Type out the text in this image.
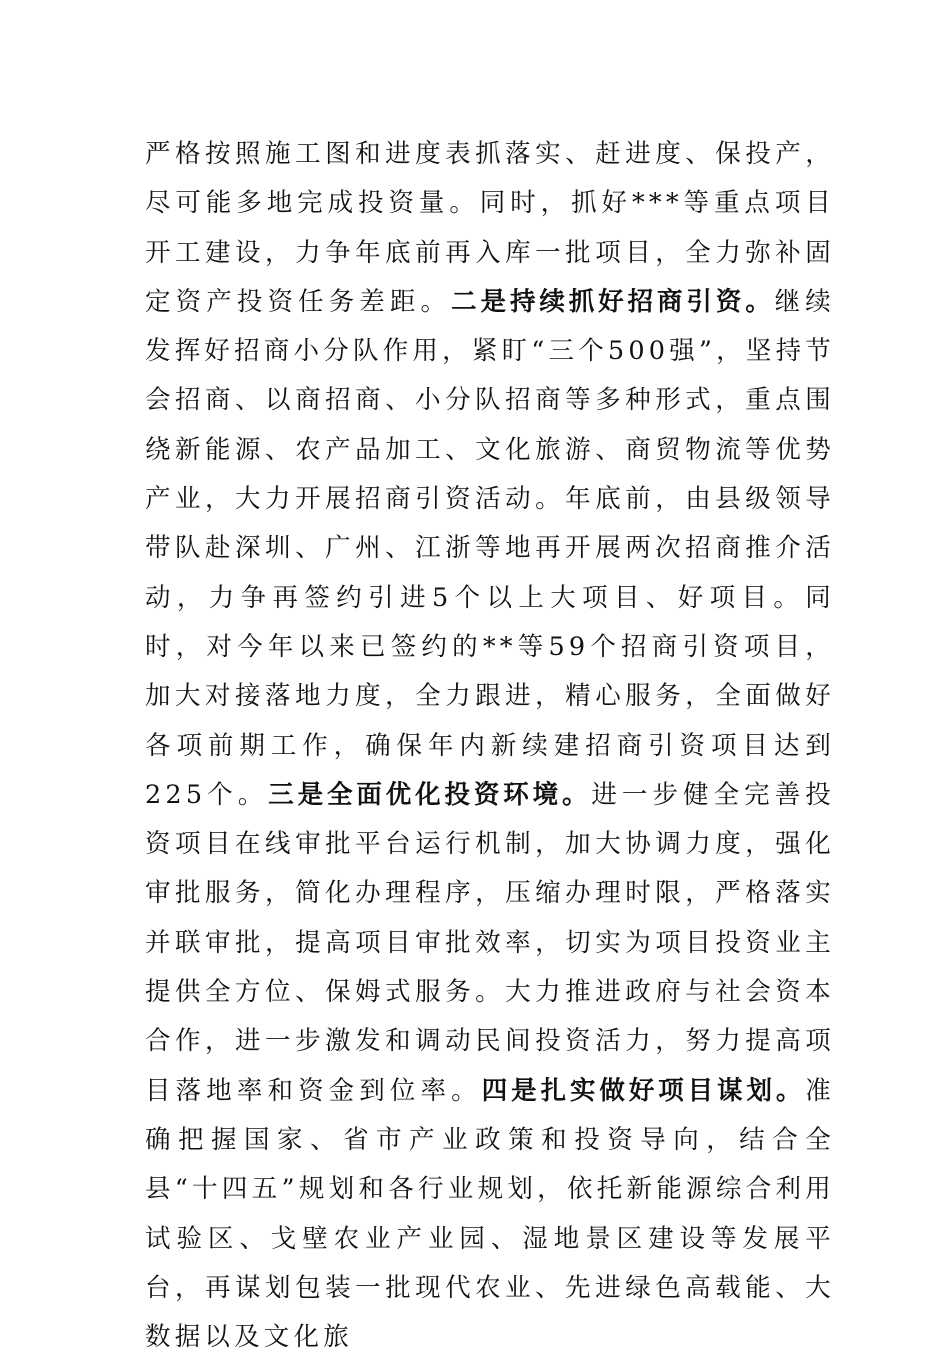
严格按照施工图和进度表抓落实、赶进度、保投产，尽可能多地完成投资量。同时，抓好***等重点项目开工建设，力争年底前再入库一批项目，全力弥补固定资产投资任务差距。二是持续抓好招商引资。继续发挥好招商小分队作用，紧盯“三个500强”，坚持节会招商、以商招商、小分队招商等多种形式，重点围绕新能源、农产品加工、文化旅游、商贸物流等优势产业，大力开展招商引资活动。年底前，由县级领导带队赴深圳、广州、江浙等地再开展两次招商推介活动，力争再签约引进5个以上大项目、好项目。同时，对今年以来已签约的**等59个招商引资项目，加大对接落地力度，全力跟进，精心服务，全面做好各项前期工作，确保年内新续建招商引资项目达到225个。三是全面优化投资环境。进一步健全完善投资项目在线审批平台运行机制，加大协调力度，强化审批服务，简化办理程序，压缩办理时限，严格落实并联审批，提高项目审批效率，切实为项目投资业主提供全方位、保姆式服务。大力推进政府与社会资本合作，进一步激发和调动民间投资活力，努力提高项目落地率和资金到位率。四是扎实做好项目谋划。准确把握国家、省市产业政策和投资导向，结合全县“十四五”规划和各行业规划，依托新能源综合利用试验区、戈壁农业产业园、湿地景区建设等发展平台，再谋划包装一批现代农业、先进绿色高载能、大数据以及文化旅
